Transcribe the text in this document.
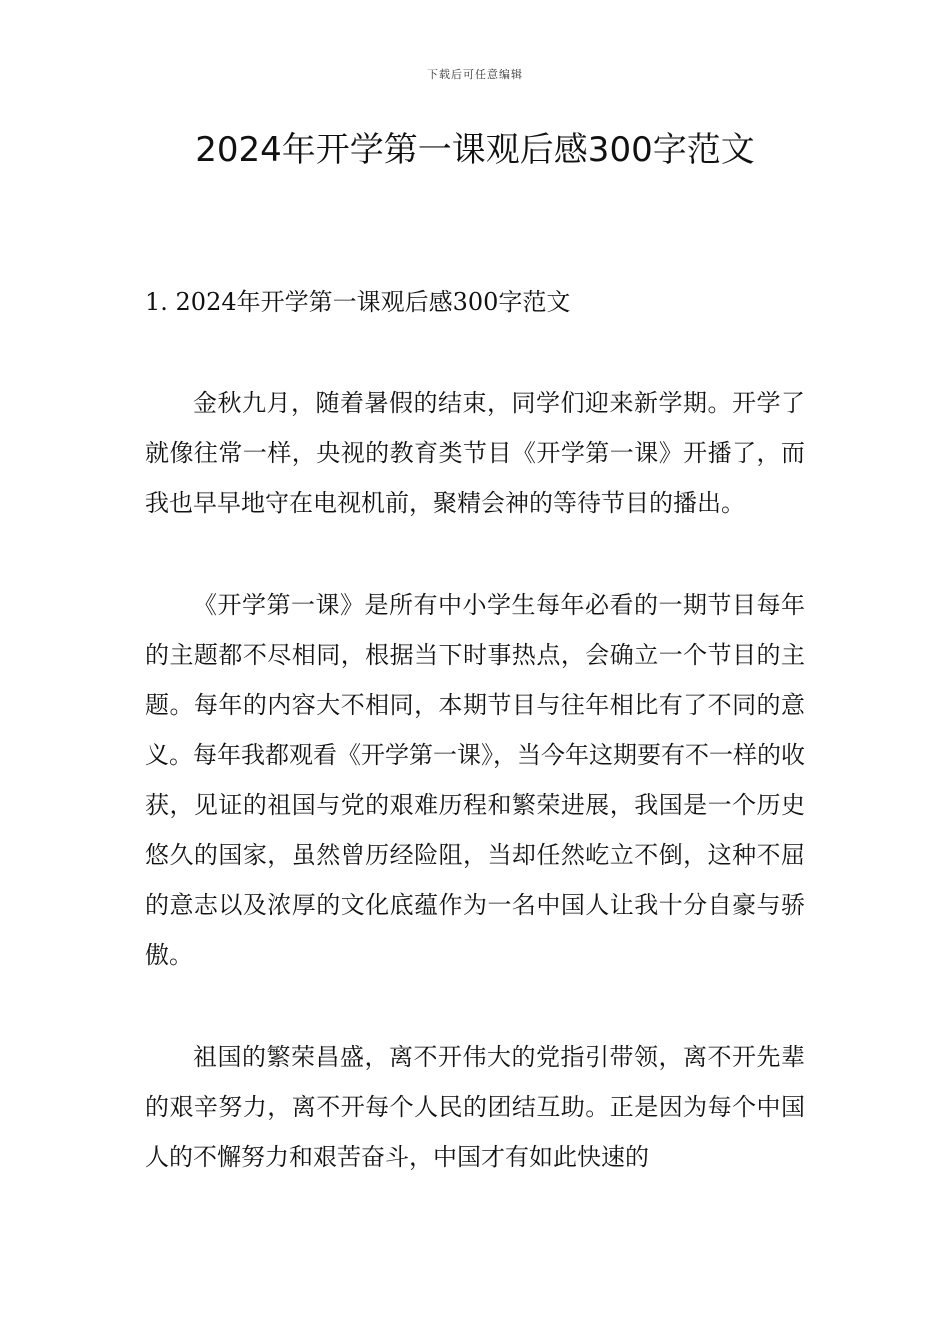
下载后可任意编辑
2024年开学第一课观后感300字范文
1. 2024年开学第一课观后感300字范文

金秋九月，随着暑假的结束，同学们迎来新学期。开学了就像往常一样，央视的教育类节目《开学第一课》开播了，而我也早早地守在电视机前，聚精会神的等待节目的播出。

《开学第一课》是所有中小学生每年必看的一期节目每年的主题都不尽相同，根据当下时事热点，会确立一个节目的主题。每年的内容大不相同，本期节目与往年相比有了不同的意义。每年我都观看《开学第一课》，当今年这期要有不一样的收获，见证的祖国与党的艰难历程和繁荣进展，我国是一个历史悠久的国家，虽然曾历经险阻，当却任然屹立不倒，这种不屈的意志以及浓厚的文化底蕴作为一名中国人让我十分自豪与骄傲。

祖国的繁荣昌盛，离不开伟大的党指引带领，离不开先辈的艰辛努力，离不开每个人民的团结互助。正是因为每个中国人的不懈努力和艰苦奋斗，中国才有如此快速的
